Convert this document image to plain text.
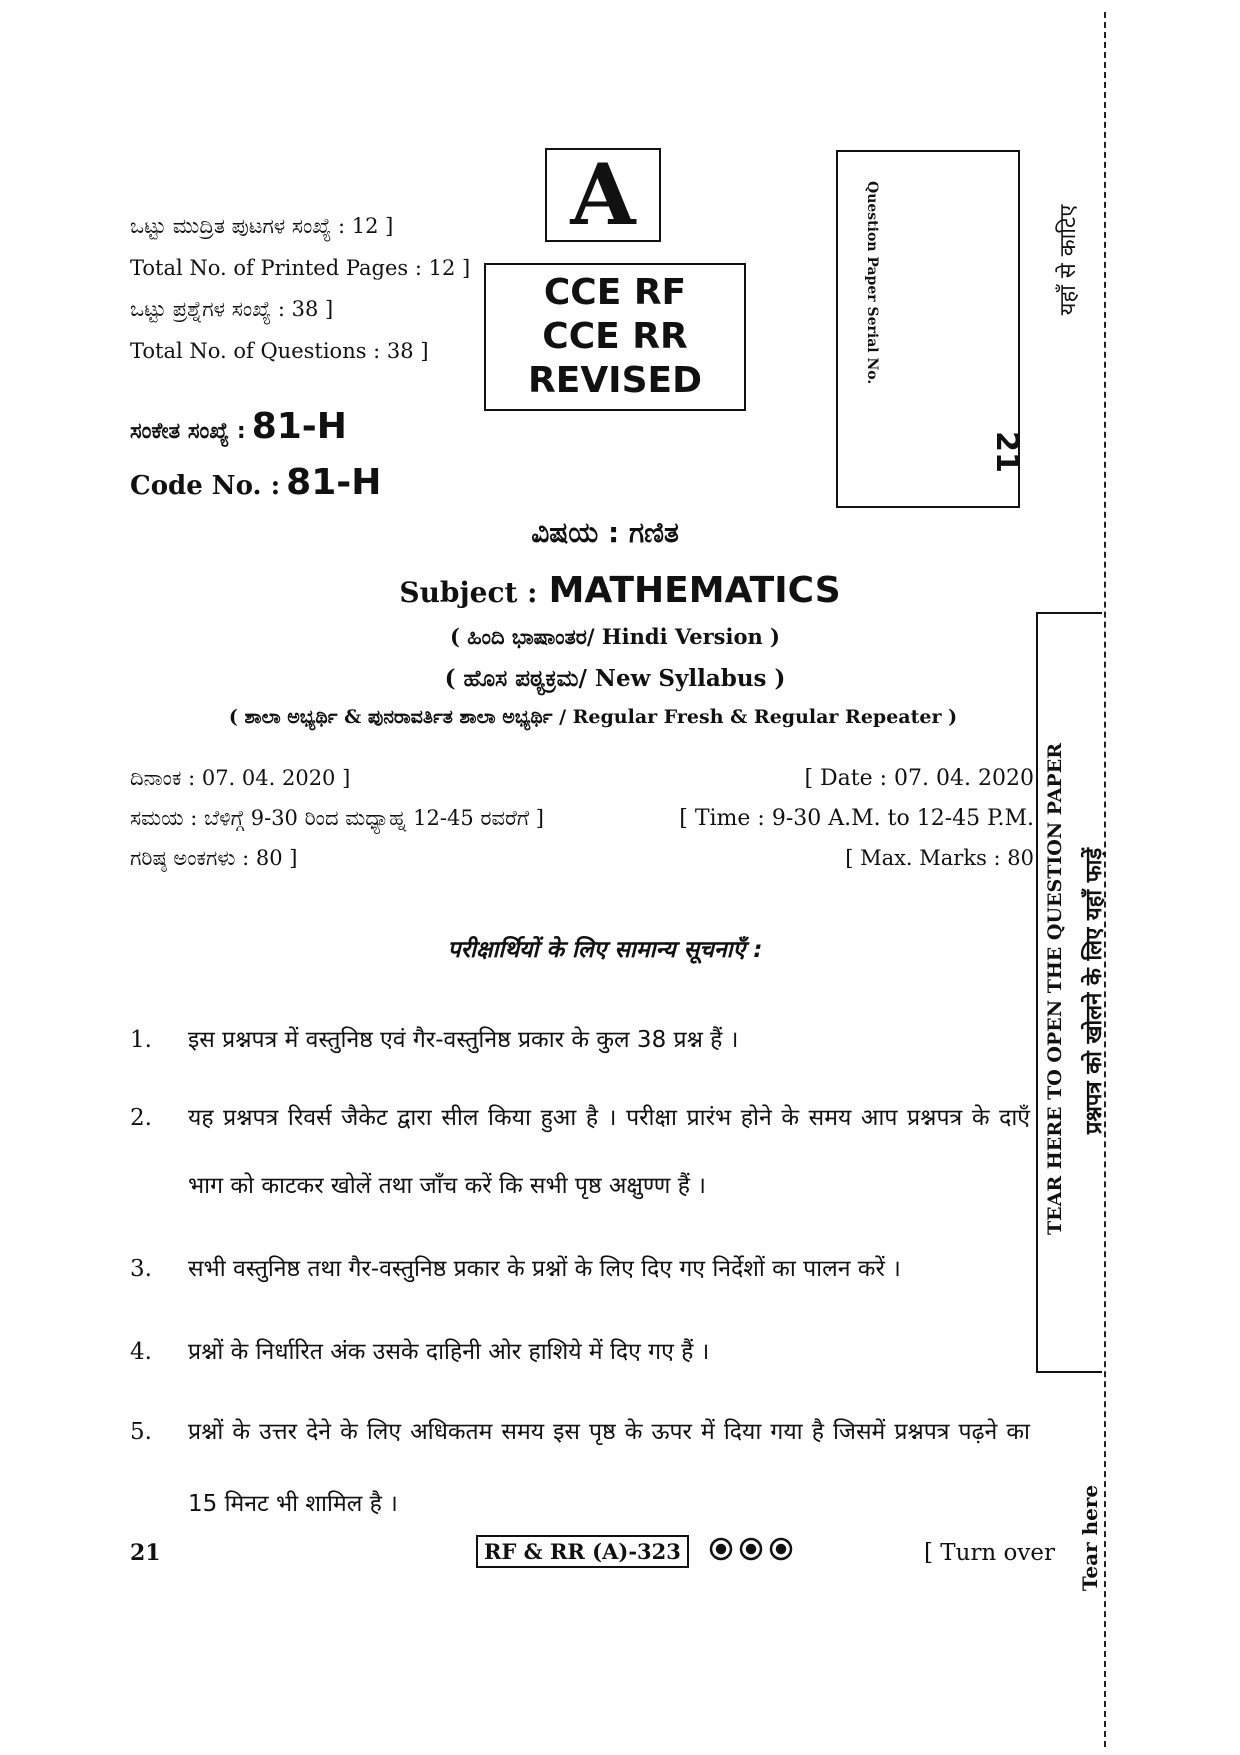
ಒಟ್ಟು ಮುದ್ರಿತ ಪುಟಗಳ ಸಂಖ್ಯೆ : 12 ]
Total No. of Printed Pages : 12 ]
ಒಟ್ಟು ಪ್ರಶ್ನೆಗಳ ಸಂಖ್ಯೆ : 38 ]
Total No. of Questions : 38 ]
ಸಂಕೇತ ಸಂಖ್ಯೆ : 81-H
Code No. : 81-H
A
CCE RF
CCE RR
REVISED	Question Paper Serial No.
21
यहाँ से काटिए
ವಿಷಯ : ಗಣಿತ
Subject : MATHEMATICS
( ಹಿಂದಿ ಭಾಷಾಂತರ/ Hindi Version )
( ಹೊಸ ಪಠ್ಯಕ್ರಮ/ New Syllabus )
( ಶಾಲಾ ಅಭ್ಯರ್ಥಿ & ಪುನರಾವರ್ತಿತ ಶಾಲಾ ಅಭ್ಯರ್ಥಿ / Regular Fresh & Regular Repeater )
ದಿನಾಂಕ : 07. 04. 2020 ]	[ Date : 07. 04. 2020
ಸಮಯ : ಬೆಳಿಗ್ಗೆ 9-30 ರಿಂದ ಮಧ್ಯಾಹ್ನ 12-45 ರವರೆಗೆ ]	[ Time : 9-30 A.M. to 12-45 P.M.
ಗರಿಷ್ಠ ಅಂಕಗಳು : 80 ]	[ Max. Marks : 80
परीक्षार्थियों के लिए सामान्य सूचनाएँ :
1. इस प्रश्नपत्र में वस्तुनिष्ठ एवं गैर-वस्तुनिष्ठ प्रकार के कुल 38 प्रश्न हैं ।
2. यह प्रश्नपत्र रिवर्स जैकेट द्वारा सील किया हुआ है । परीक्षा प्रारंभ होने के समय आप प्रश्नपत्र के दाएँ भाग को काटकर खोलें तथा जाँच करें कि सभी पृष्ठ अक्षुण्ण हैं ।
3. सभी वस्तुनिष्ठ तथा गैर-वस्तुनिष्ठ प्रकार के प्रश्नों के लिए दिए गए निर्देशों का पालन करें ।
4. प्रश्नों के निर्धारित अंक उसके दाहिनी ओर हाशिये में दिए गए हैं ।
5. प्रश्नों के उत्तर देने के लिए अधिकतम समय इस पृष्ठ के ऊपर में दिया गया है जिसमें प्रश्नपत्र पढ़ने का 15 मिनट भी शामिल है ।
TEAR HERE TO OPEN THE QUESTION PAPER प्रश्नपत्र को खोलने के लिए यहाँ फाड़ें
21	RF & RR (A)-323	[ Turn over Tear here
